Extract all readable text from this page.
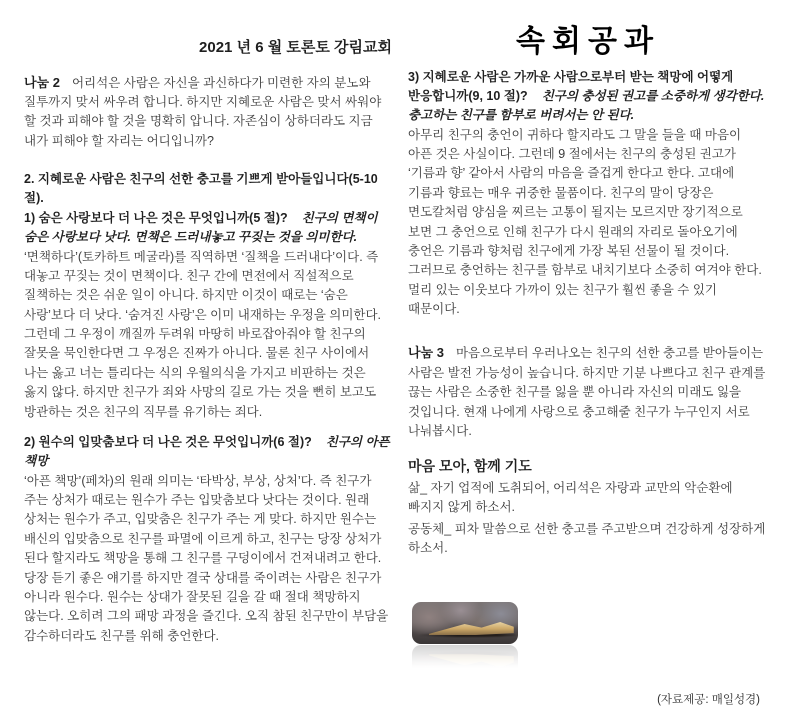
2021 년 6 월 토론토 강림교회

나눔 2 어리석은 사람은 자신을 과신하다가 미련한 자의 분노와 질투까지 맞서 싸우려 합니다. 하지만 지혜로운 사람은 맞서 싸워야 할 것과 피해야 할 것을 명확히 압니다. 자존심이 상하더라도 지금 내가 피해야 할 자리는 어디입니까?

2. 지혜로운 사람은 친구의 선한 충고를 기쁘게 받아들입니다(5-10 절).

1) 숨은 사랑보다 더 나은 것은 무엇입니까(5 절)? 친구의 면책이 숨은 사랑보다 낫다. 면책은 드러내놓고 꾸짖는 것을 의미한다.

‘면책하다’(토카하트 메굴라)를 직역하면 ‘질책을 드러내다’이다. 즉 대놓고 꾸짖는 것이 면책이다. 친구 간에 면전에서 직설적으로 질책하는 것은 쉬운 일이 아니다. 하지만 이것이 때로는 ‘숨은 사랑’보다 더 낫다. ‘숨겨진 사랑’은 이미 내재하는 우정을 의미한다. 그런데 그 우정이 깨질까 두려워 마땅히 바로잡아줘야 할 친구의 잘못을 묵인한다면 그 우정은 진짜가 아니다. 물론 친구 사이에서 나는 옳고 너는 틀리다는 식의 우월의식을 가지고 비판하는 것은 옳지 않다. 하지만 친구가 죄와 사망의 길로 가는 것을 뻔히 보고도 방관하는 것은 친구의 직무를 유기하는 죄다.

2) 원수의 입맞춤보다 더 나은 것은 무엇입니까(6 절)? 친구의 아픈 책망

‘아픈 책망’(페차)의 원래 의미는 ‘타박상, 부상, 상처’다. 즉 친구가 주는 상처가 때로는 원수가 주는 입맞춤보다 낫다는 것이다. 원래 상처는 원수가 주고, 입맞춤은 친구가 주는 게 맞다. 하지만 원수는 배신의 입맞춤으로 친구를 파멸에 이르게 하고, 친구는 당장 상처가 된다 할지라도 책망을 통해 그 친구를 구덩이에서 건져내려고 한다. 당장 듣기 좋은 얘기를 하지만 결국 상대를 죽이려는 사람은 친구가 아니라 원수다. 원수는 상대가 잘못된 길을 갈 때 절대 책망하지 않는다. 오히려 그의 패망 과정을 즐긴다. 오직 참된 친구만이 부담을 감수하더라도 친구를 위해 충언한다.

속회공과

3) 지혜로운 사람은 가까운 사람으로부터 받는 책망에 어떻게 반응합니까(9, 10 절)? 친구의 충성된 권고를 소중하게 생각한다. 충고하는 친구를 함부로 버려서는 안 된다.

아무리 친구의 충언이 귀하다 할지라도 그 말을 들을 때 마음이 아픈 것은 사실이다. 그런데 9 절에서는 친구의 충성된 권고가 ‘기름과 향’ 같아서 사람의 마음을 즐겁게 한다고 한다. 고대에 기름과 향료는 매우 귀중한 물품이다. 친구의 말이 당장은 면도칼처럼 양심을 찌르는 고통이 될지는 모르지만 장기적으로 보면 그 충언으로 인해 친구가 다시 원래의 자리로 돌아오기에 충언은 기름과 향처럼 친구에게 가장 복된 선물이 될 것이다. 그러므로 충언하는 친구를 함부로 내치기보다 소중히 여겨야 한다. 멀리 있는 이웃보다 가까이 있는 친구가 훨씬 좋을 수 있기 때문이다.

나눔 3 마음으로부터 우러나오는 친구의 선한 충고를 받아들이는 사람은 발전 가능성이 높습니다. 하지만 기분 나쁘다고 친구 관계를 끊는 사람은 소중한 친구를 잃을 뿐 아니라 자신의 미래도 잃을 것입니다. 현재 나에게 사랑으로 충고해줄 친구가 누구인지 서로 나눠봅시다.

마음 모아, 함께 기도

삶_ 자기 업적에 도취되어, 어리석은 자랑과 교만의 악순환에 빠지지 않게 하소서.

공동체_ 피차 말씀으로 선한 충고를 주고받으며 건강하게 성장하게 하소서.

(자료제공: 매일성경)
